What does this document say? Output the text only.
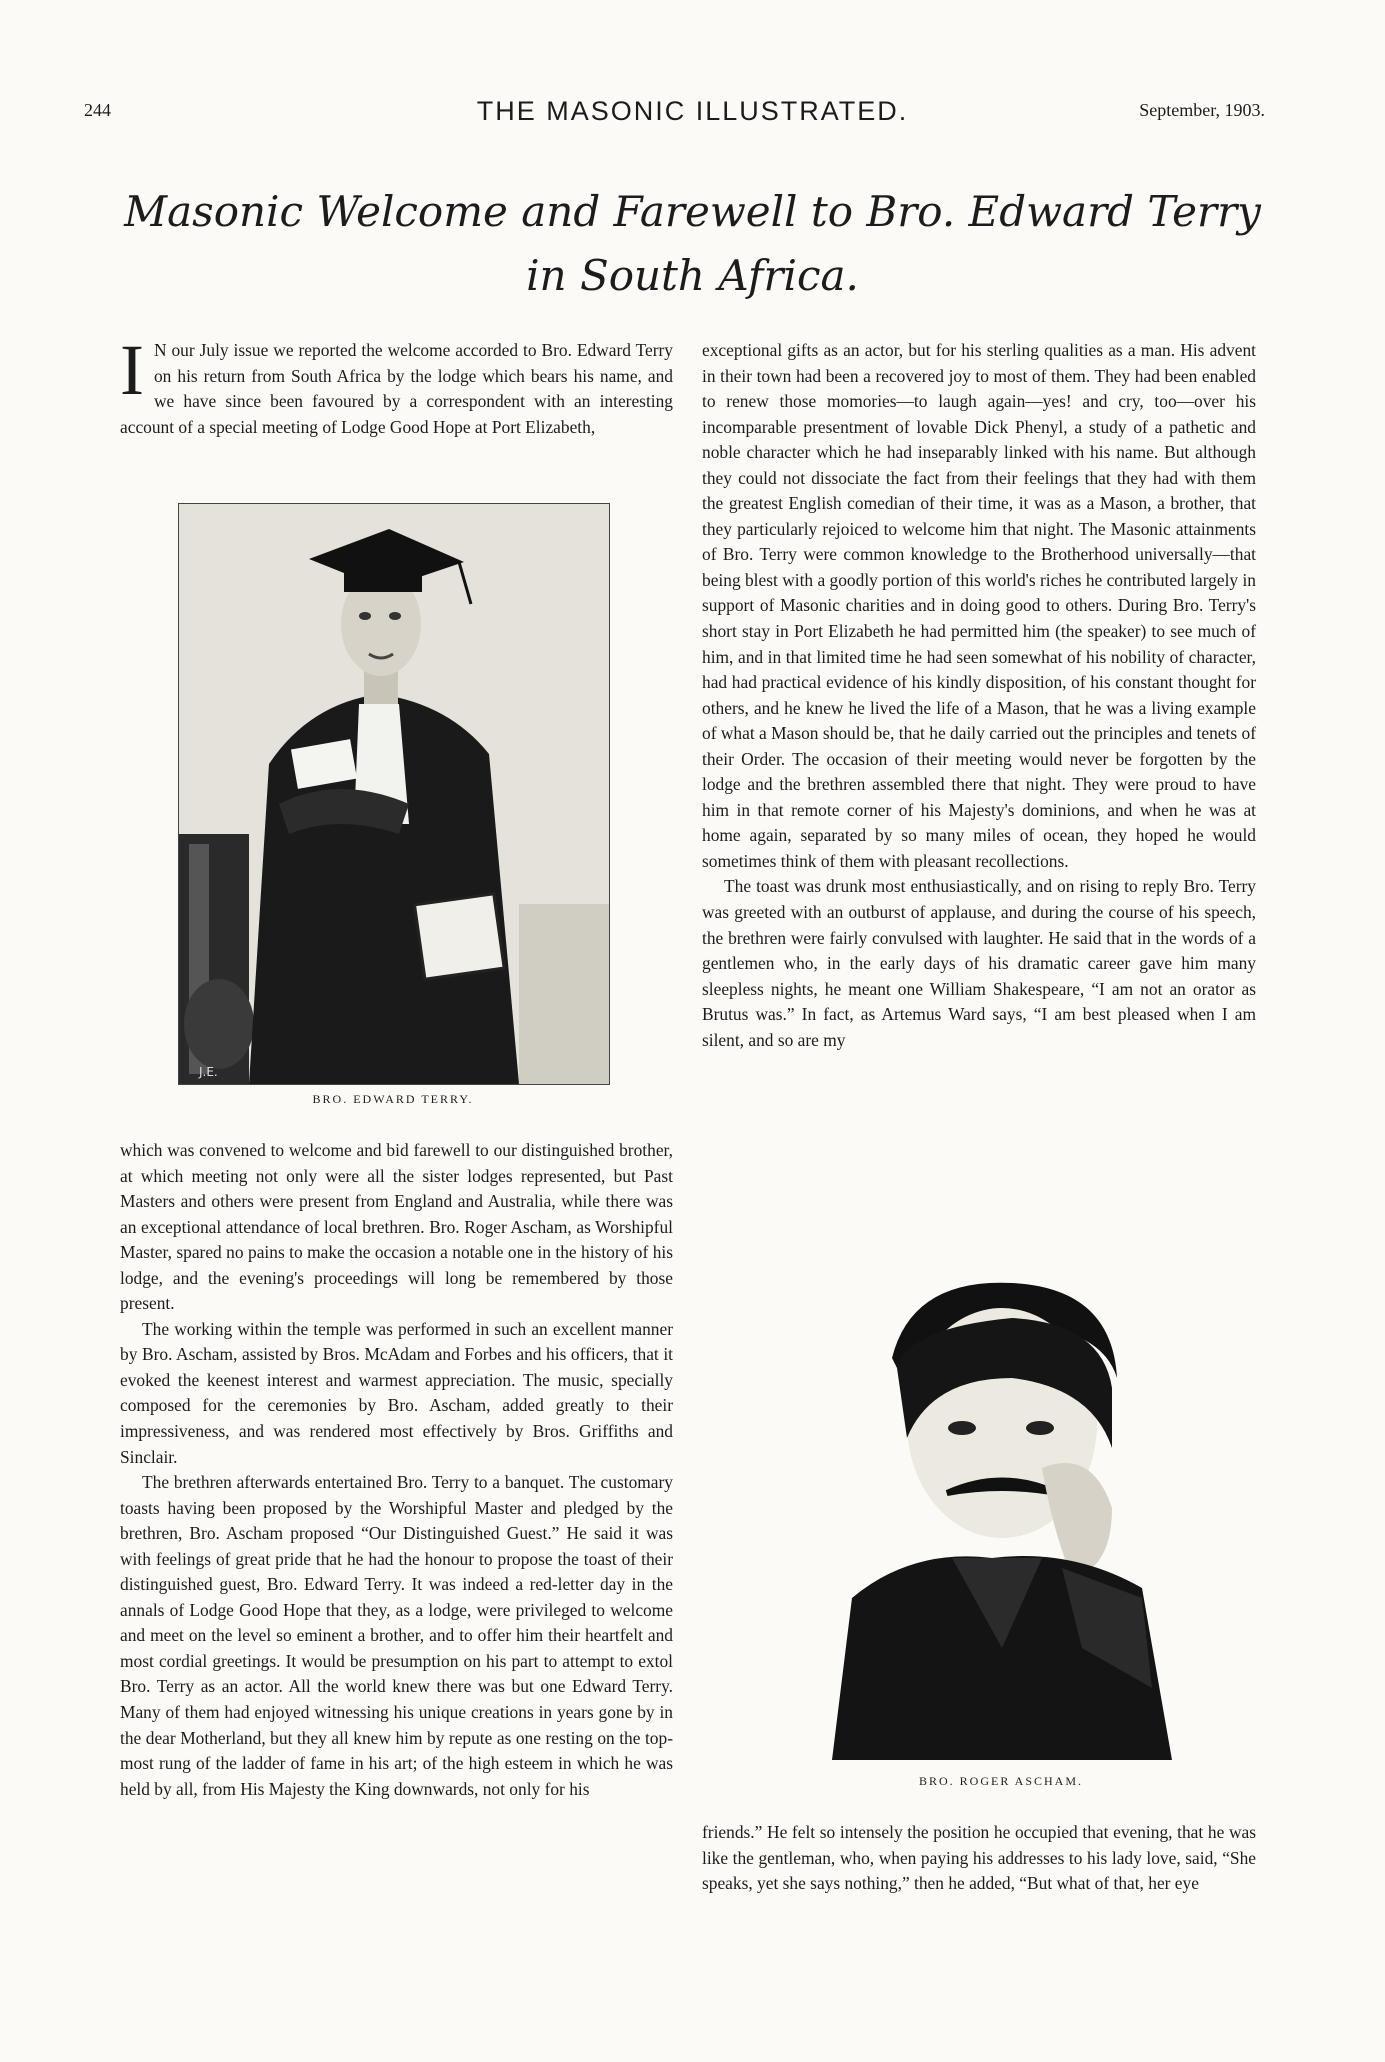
244	THE MASONIC ILLUSTRATED.	September, 1903.
Masonic Welcome and Farewell to Bro. Edward Terry
in South Africa.

I N our July issue we reported the welcome accorded to Bro. Edward Terry on his return from South Africa by the lodge which bears his name, and we have since been favoured by a correspondent with an interesting account of a special meeting of Lodge Good Hope at Port Elizabeth,

J.E.
BRO. EDWARD TERRY.

which was convened to welcome and bid farewell to our distinguished brother, at which meeting not only were all the sister lodges represented, but Past Masters and others were present from England and Australia, while there was an exceptional attendance of local brethren. Bro. Roger Ascham, as Worshipful Master, spared no pains to make the occasion a notable one in the history of his lodge, and the evening's proceedings will long be remembered by those present.

The working within the temple was performed in such an excellent manner by Bro. Ascham, assisted by Bros. McAdam and Forbes and his officers, that it evoked the keenest interest and warmest appreciation. The music, specially composed for the ceremonies by Bro. Ascham, added greatly to their impressiveness, and was rendered most effectively by Bros. Griffiths and Sinclair.

The brethren afterwards entertained Bro. Terry to a banquet. The customary toasts having been proposed by the Worshipful Master and pledged by the brethren, Bro. Ascham proposed “Our Distinguished Guest.” He said it was with feelings of great pride that he had the honour to propose the toast of their distinguished guest, Bro. Edward Terry. It was indeed a red-letter day in the annals of Lodge Good Hope that they, as a lodge, were privileged to welcome and meet on the level so eminent a brother, and to offer him their heartfelt and most cordial greetings. It would be presumption on his part to attempt to extol Bro. Terry as an actor. All the world knew there was but one Edward Terry. Many of them had enjoyed witnessing his unique creations in years gone by in the dear Motherland, but they all knew him by repute as one resting on the top-most rung of the ladder of fame in his art; of the high esteem in which he was held by all, from His Majesty the King downwards, not only for his

exceptional gifts as an actor, but for his sterling qualities as a man. His advent in their town had been a recovered joy to most of them. They had been enabled to renew those momories—to laugh again—yes! and cry, too—over his incomparable presentment of lovable Dick Phenyl, a study of a pathetic and noble character which he had inseparably linked with his name. But although they could not dissociate the fact from their feelings that they had with them the greatest English comedian of their time, it was as a Mason, a brother, that they particularly rejoiced to welcome him that night. The Masonic attainments of Bro. Terry were common knowledge to the Brotherhood universally—that being blest with a goodly portion of this world's riches he contributed largely in support of Masonic charities and in doing good to others. During Bro. Terry's short stay in Port Elizabeth he had permitted him (the speaker) to see much of him, and in that limited time he had seen somewhat of his nobility of character, had had practical evidence of his kindly disposition, of his constant thought for others, and he knew he lived the life of a Mason, that he was a living example of what a Mason should be, that he daily carried out the principles and tenets of their Order. The occasion of their meeting would never be forgotten by the lodge and the brethren assembled there that night. They were proud to have him in that remote corner of his Majesty's dominions, and when he was at home again, separated by so many miles of ocean, they hoped he would sometimes think of them with pleasant recollections.

The toast was drunk most enthusiastically, and on rising to reply Bro. Terry was greeted with an outburst of applause, and during the course of his speech, the brethren were fairly convulsed with laughter. He said that in the words of a gentlemen who, in the early days of his dramatic career gave him many sleepless nights, he meant one William Shakespeare, “I am not an orator as Brutus was.” In fact, as Artemus Ward says, “I am best pleased when I am silent, and so are my

BRO. ROGER ASCHAM.

friends.” He felt so intensely the position he occupied that evening, that he was like the gentleman, who, when paying his addresses to his lady love, said, “She speaks, yet she says nothing,” then he added, “But what of that, her eye
